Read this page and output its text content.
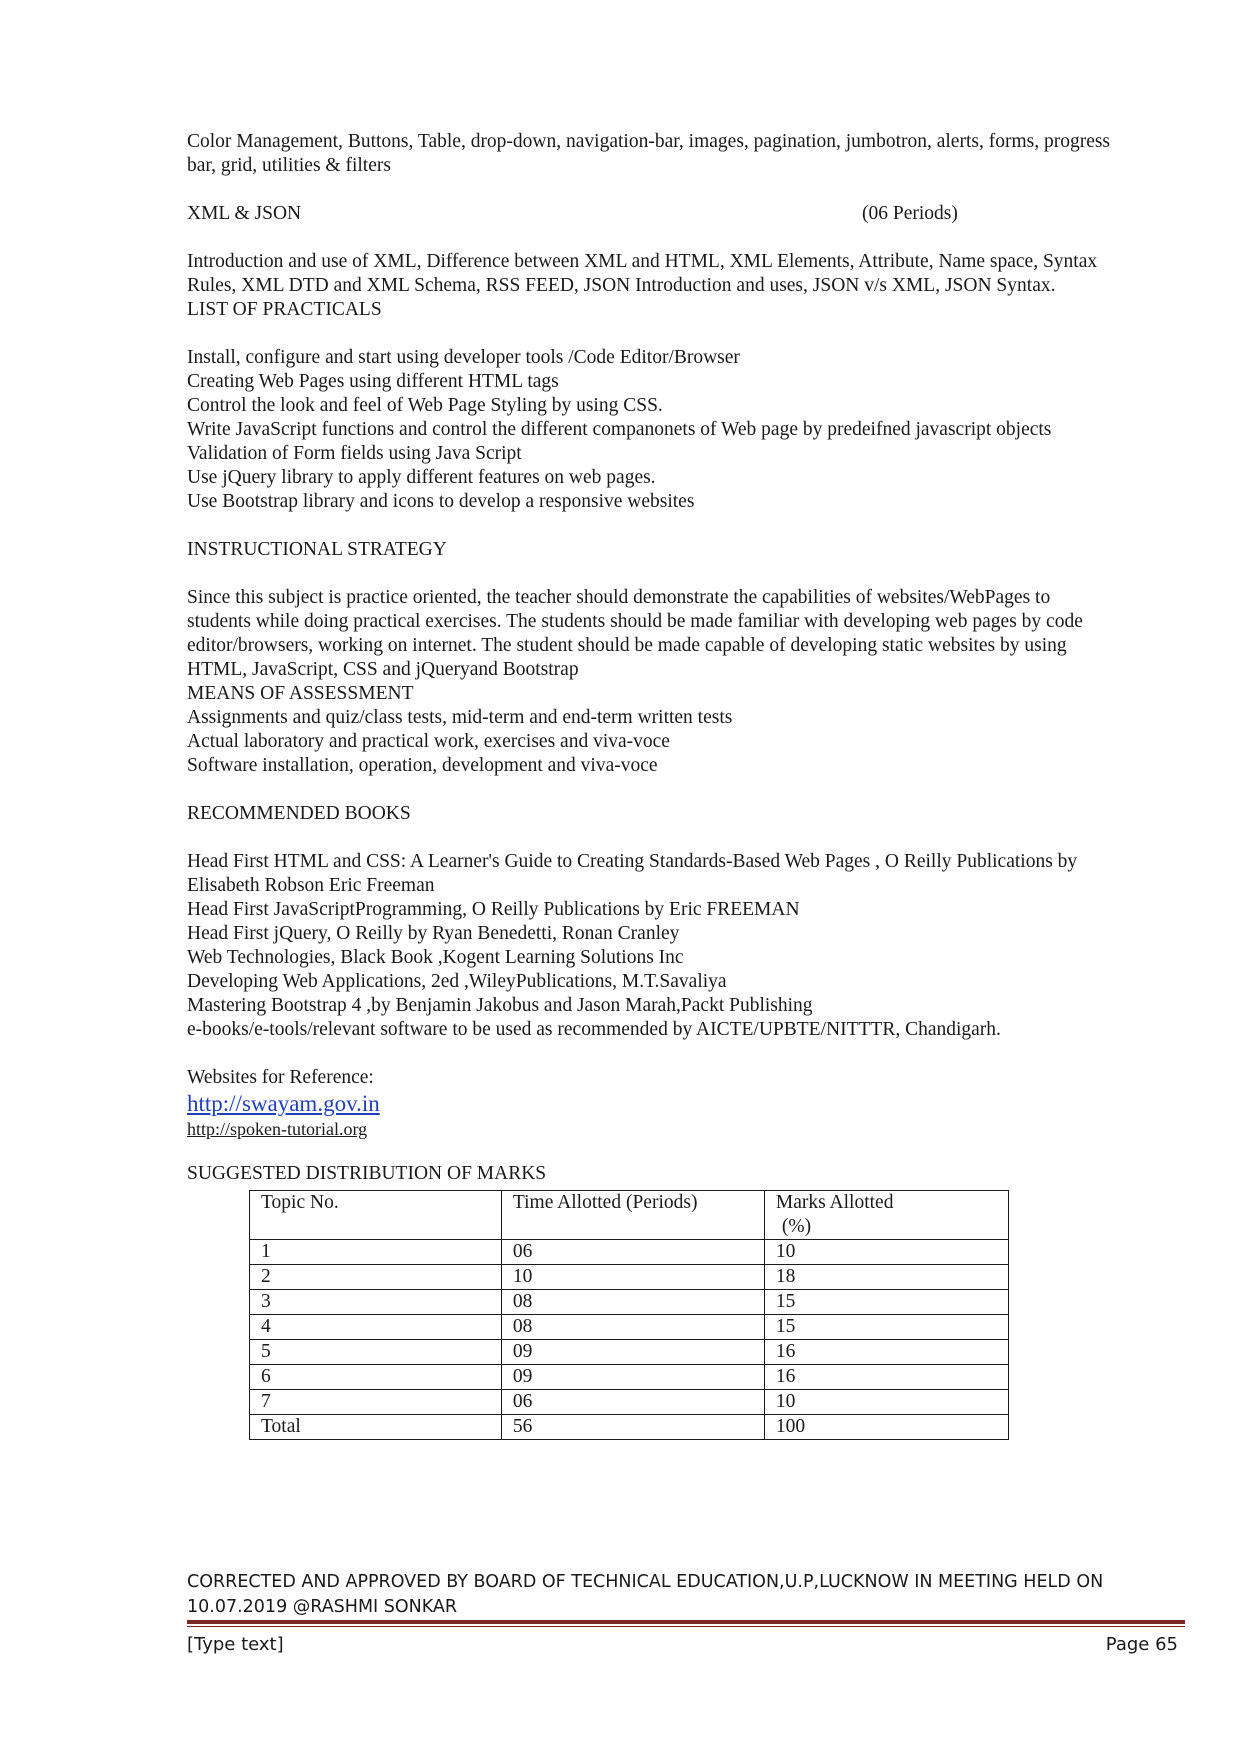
Color Management, Buttons, Table, drop-down, navigation-bar, images, pagination, jumbotron, alerts, forms, progress

bar, grid, utilities & filters

XML & JSON	(06 Periods)

Introduction and use of XML, Difference between XML and HTML, XML Elements, Attribute, Name space, Syntax

Rules, XML DTD and XML Schema, RSS FEED, JSON Introduction and uses, JSON v/s XML, JSON Syntax.

LIST OF PRACTICALS

Install, configure and start using developer tools /Code Editor/Browser

Creating Web Pages using different HTML tags

Control the look and feel of Web Page Styling by using CSS.

Write JavaScript functions and control the different companonets of Web page by predeifned javascript objects

Validation of Form fields using Java Script

Use jQuery library to apply different features on web pages.

Use Bootstrap library and icons to develop a responsive websites

INSTRUCTIONAL STRATEGY

Since this subject is practice oriented, the teacher should demonstrate the capabilities of websites/WebPages to

students while doing practical exercises. The students should be made familiar with developing web pages by code

editor/browsers, working on internet. The student should be made capable of developing static websites by using

HTML, JavaScript, CSS and jQueryand Bootstrap

MEANS OF ASSESSMENT

Assignments and quiz/class tests, mid-term and end-term written tests

Actual laboratory and practical work, exercises and viva-voce

Software installation, operation, development and viva-voce

RECOMMENDED BOOKS

Head First HTML and CSS: A Learner's Guide to Creating Standards-Based Web Pages , O Reilly Publications by

Elisabeth Robson Eric Freeman

Head First JavaScriptProgramming, O Reilly Publications by Eric FREEMAN

Head First jQuery, O Reilly by Ryan Benedetti, Ronan Cranley

Web Technologies, Black Book ,Kogent Learning Solutions Inc

Developing Web Applications, 2ed ,WileyPublications, M.T.Savaliya

Mastering Bootstrap 4 ,by Benjamin Jakobus and Jason Marah,Packt Publishing

e-books/e-tools/relevant software to be used as recommended by AICTE/UPBTE/NITTTR, Chandigarh.

Websites for Reference:

http://swayam.gov.in

http://spoken-tutorial.org

SUGGESTED DISTRIBUTION OF MARKS

Topic No.	Time Allotted (Periods)	Marks Allotted
(%)

1	06	10
2	10	18
3	08	15
4	08	15
5	09	16
6	09	16
7	06	10
Total	56	100
CORRECTED AND APPROVED BY BOARD OF TECHNICAL EDUCATION,U.P,LUCKNOW IN MEETING HELD ON
10.07.2019 @RASHMI SONKAR
[Type text]	Page 65
